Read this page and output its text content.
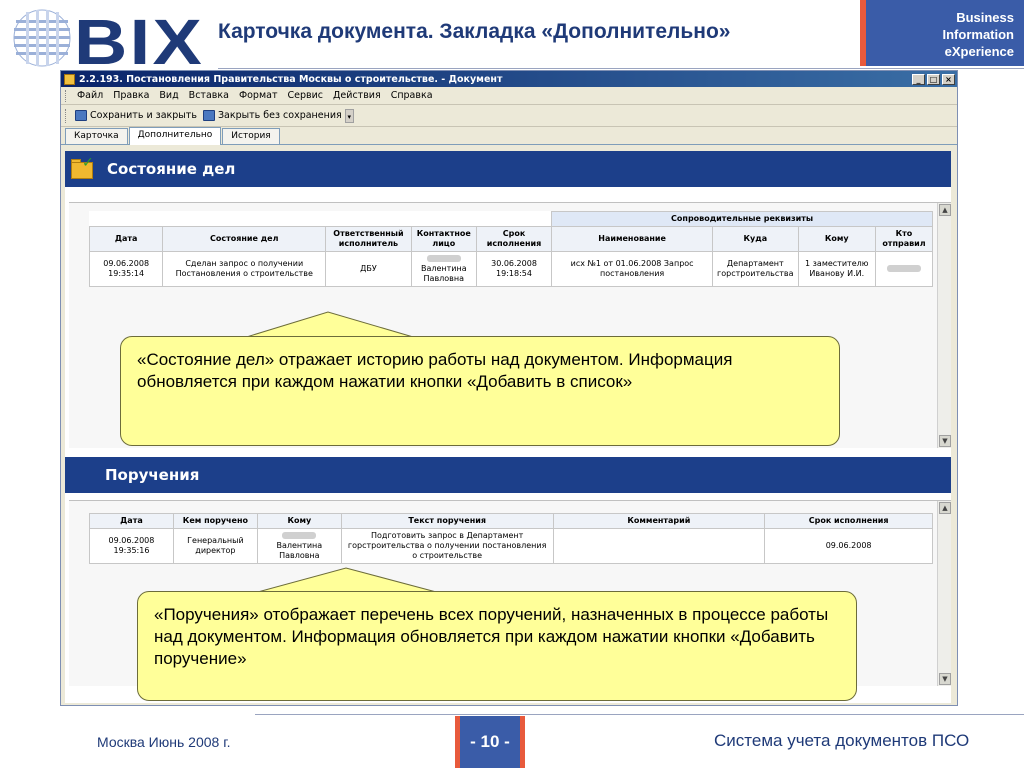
BIX Карточка документа. Закладка «Дополнительно»
Business
Information
eXperience
2.2.193. Постановления Правительства Москвы о строительстве. - Документ	_	□ ×
Файл	Правка	Вид	Вставка	Формат	Сервис	Действия	Справка
Сохранить и закрыть Закрыть без сохранения ▾
Карточка	Дополнительно	История
✓ Состояние дел
					Сопроводительные реквизиты			
Дата	Состояние дел	Ответственный исполнитель	Контактное лицо	Срок исполнения	Наименование	Куда	Кому	Кто отправил
09.06.2008 19:35:14	Сделан запрос о получении Постановления о строительстве	ДБУ	Валентина Павловна	30.06.2008 19:18:54	исх №1 от 01.06.2008 Запрос постановления	Департамент горстроительства	1 заместителю Иванову И.И.	
▲
▼
Поручения
Дата	Кем поручено	Кому	Текст поручения	Комментарий	Срок исполнения
09.06.2008 19:35:16	Генеральный директор	Валентина Павловна	Подготовить запрос в Департамент горстроительства о получении постановления о строительстве		09.06.2008
▲
▼
«Состояние дел» отражает историю работы над документом. Информация обновляется при каждом нажатии кнопки «Добавить в список»
«Поручения» отображает перечень всех поручений, назначенных в процессе работы над документом. Информация обновляется при каждом нажатии кнопки «Добавить поручение»
Москва Июнь 2008 г.	- 10 -	Система учета документов ПСО
